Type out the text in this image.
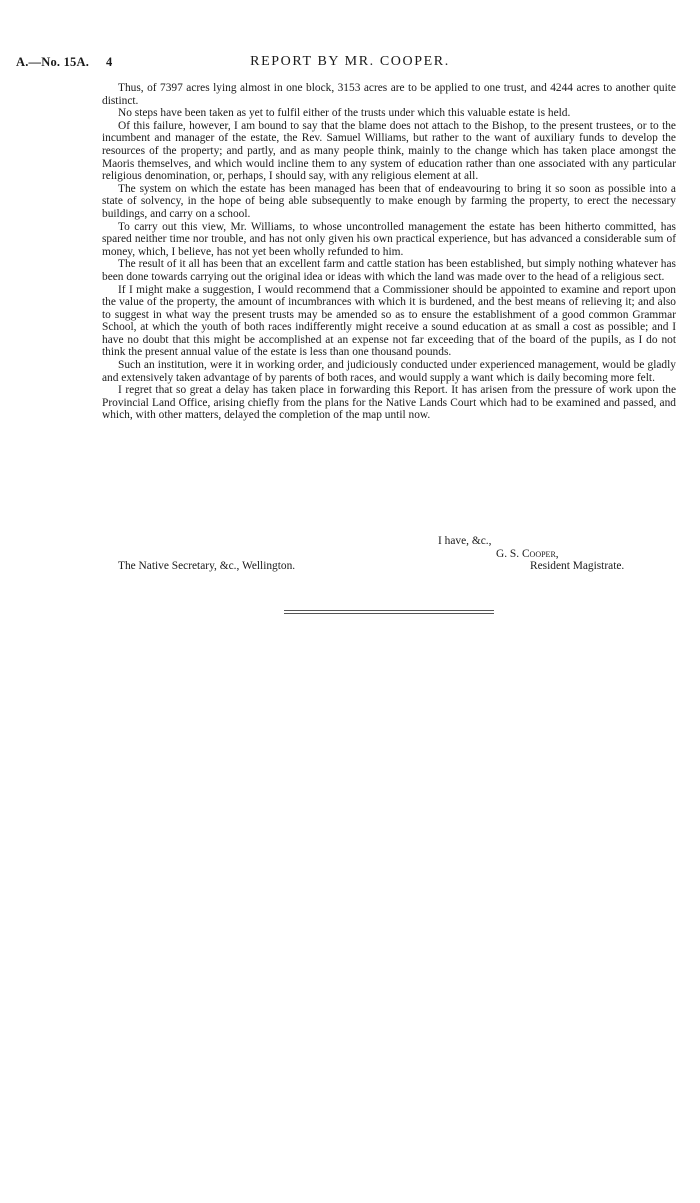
A.—No. 15A. 4	REPORT BY MR. COOPER.

Thus, of 7397 acres lying almost in one block, 3153 acres are to be applied to one trust, and 4244 acres to another quite distinct.

No steps have been taken as yet to fulfil either of the trusts under which this valuable estate is held.

Of this failure, however, I am bound to say that the blame does not attach to the Bishop, to the present trustees, or to the incumbent and manager of the estate, the Rev. Samuel Williams, but rather to the want of auxiliary funds to develop the resources of the property; and partly, and as many people think, mainly to the change which has taken place amongst the Maoris themselves, and which would incline them to any system of education rather than one associated with any particular religious denomination, or, perhaps, I should say, with any religious element at all.

The system on which the estate has been managed has been that of endeavouring to bring it so soon as possible into a state of solvency, in the hope of being able subsequently to make enough by farming the property, to erect the necessary buildings, and carry on a school.

To carry out this view, Mr. Williams, to whose uncontrolled management the estate has been hitherto committed, has spared neither time nor trouble, and has not only given his own practical experience, but has advanced a considerable sum of money, which, I believe, has not yet been wholly refunded to him.

The result of it all has been that an excellent farm and cattle station has been established, but simply nothing whatever has been done towards carrying out the original idea or ideas with which the land was made over to the head of a religious sect.

If I might make a suggestion, I would recommend that a Commissioner should be appointed to examine and report upon the value of the property, the amount of incumbrances with which it is burdened, and the best means of relieving it; and also to suggest in what way the present trusts may be amended so as to ensure the establishment of a good common Grammar School, at which the youth of both races indifferently might receive a sound education at as small a cost as possible; and I have no doubt that this might be accomplished at an expense not far exceeding that of the board of the pupils, as I do not think the present annual value of the estate is less than one thousand pounds.

Such an institution, were it in working order, and judiciously conducted under experienced management, would be gladly and extensively taken advantage of by parents of both races, and would supply a want which is daily becoming more felt.

I regret that so great a delay has taken place in forwarding this Report. It has arisen from the pressure of work upon the Provincial Land Office, arising chiefly from the plans for the Native Lands Court which had to be examined and passed, and which, with other matters, delayed the completion of the map until now.

I have, &c.,
G. S. Cooper,
The Native Secretary, &c., Wellington.	Resident Magistrate.
